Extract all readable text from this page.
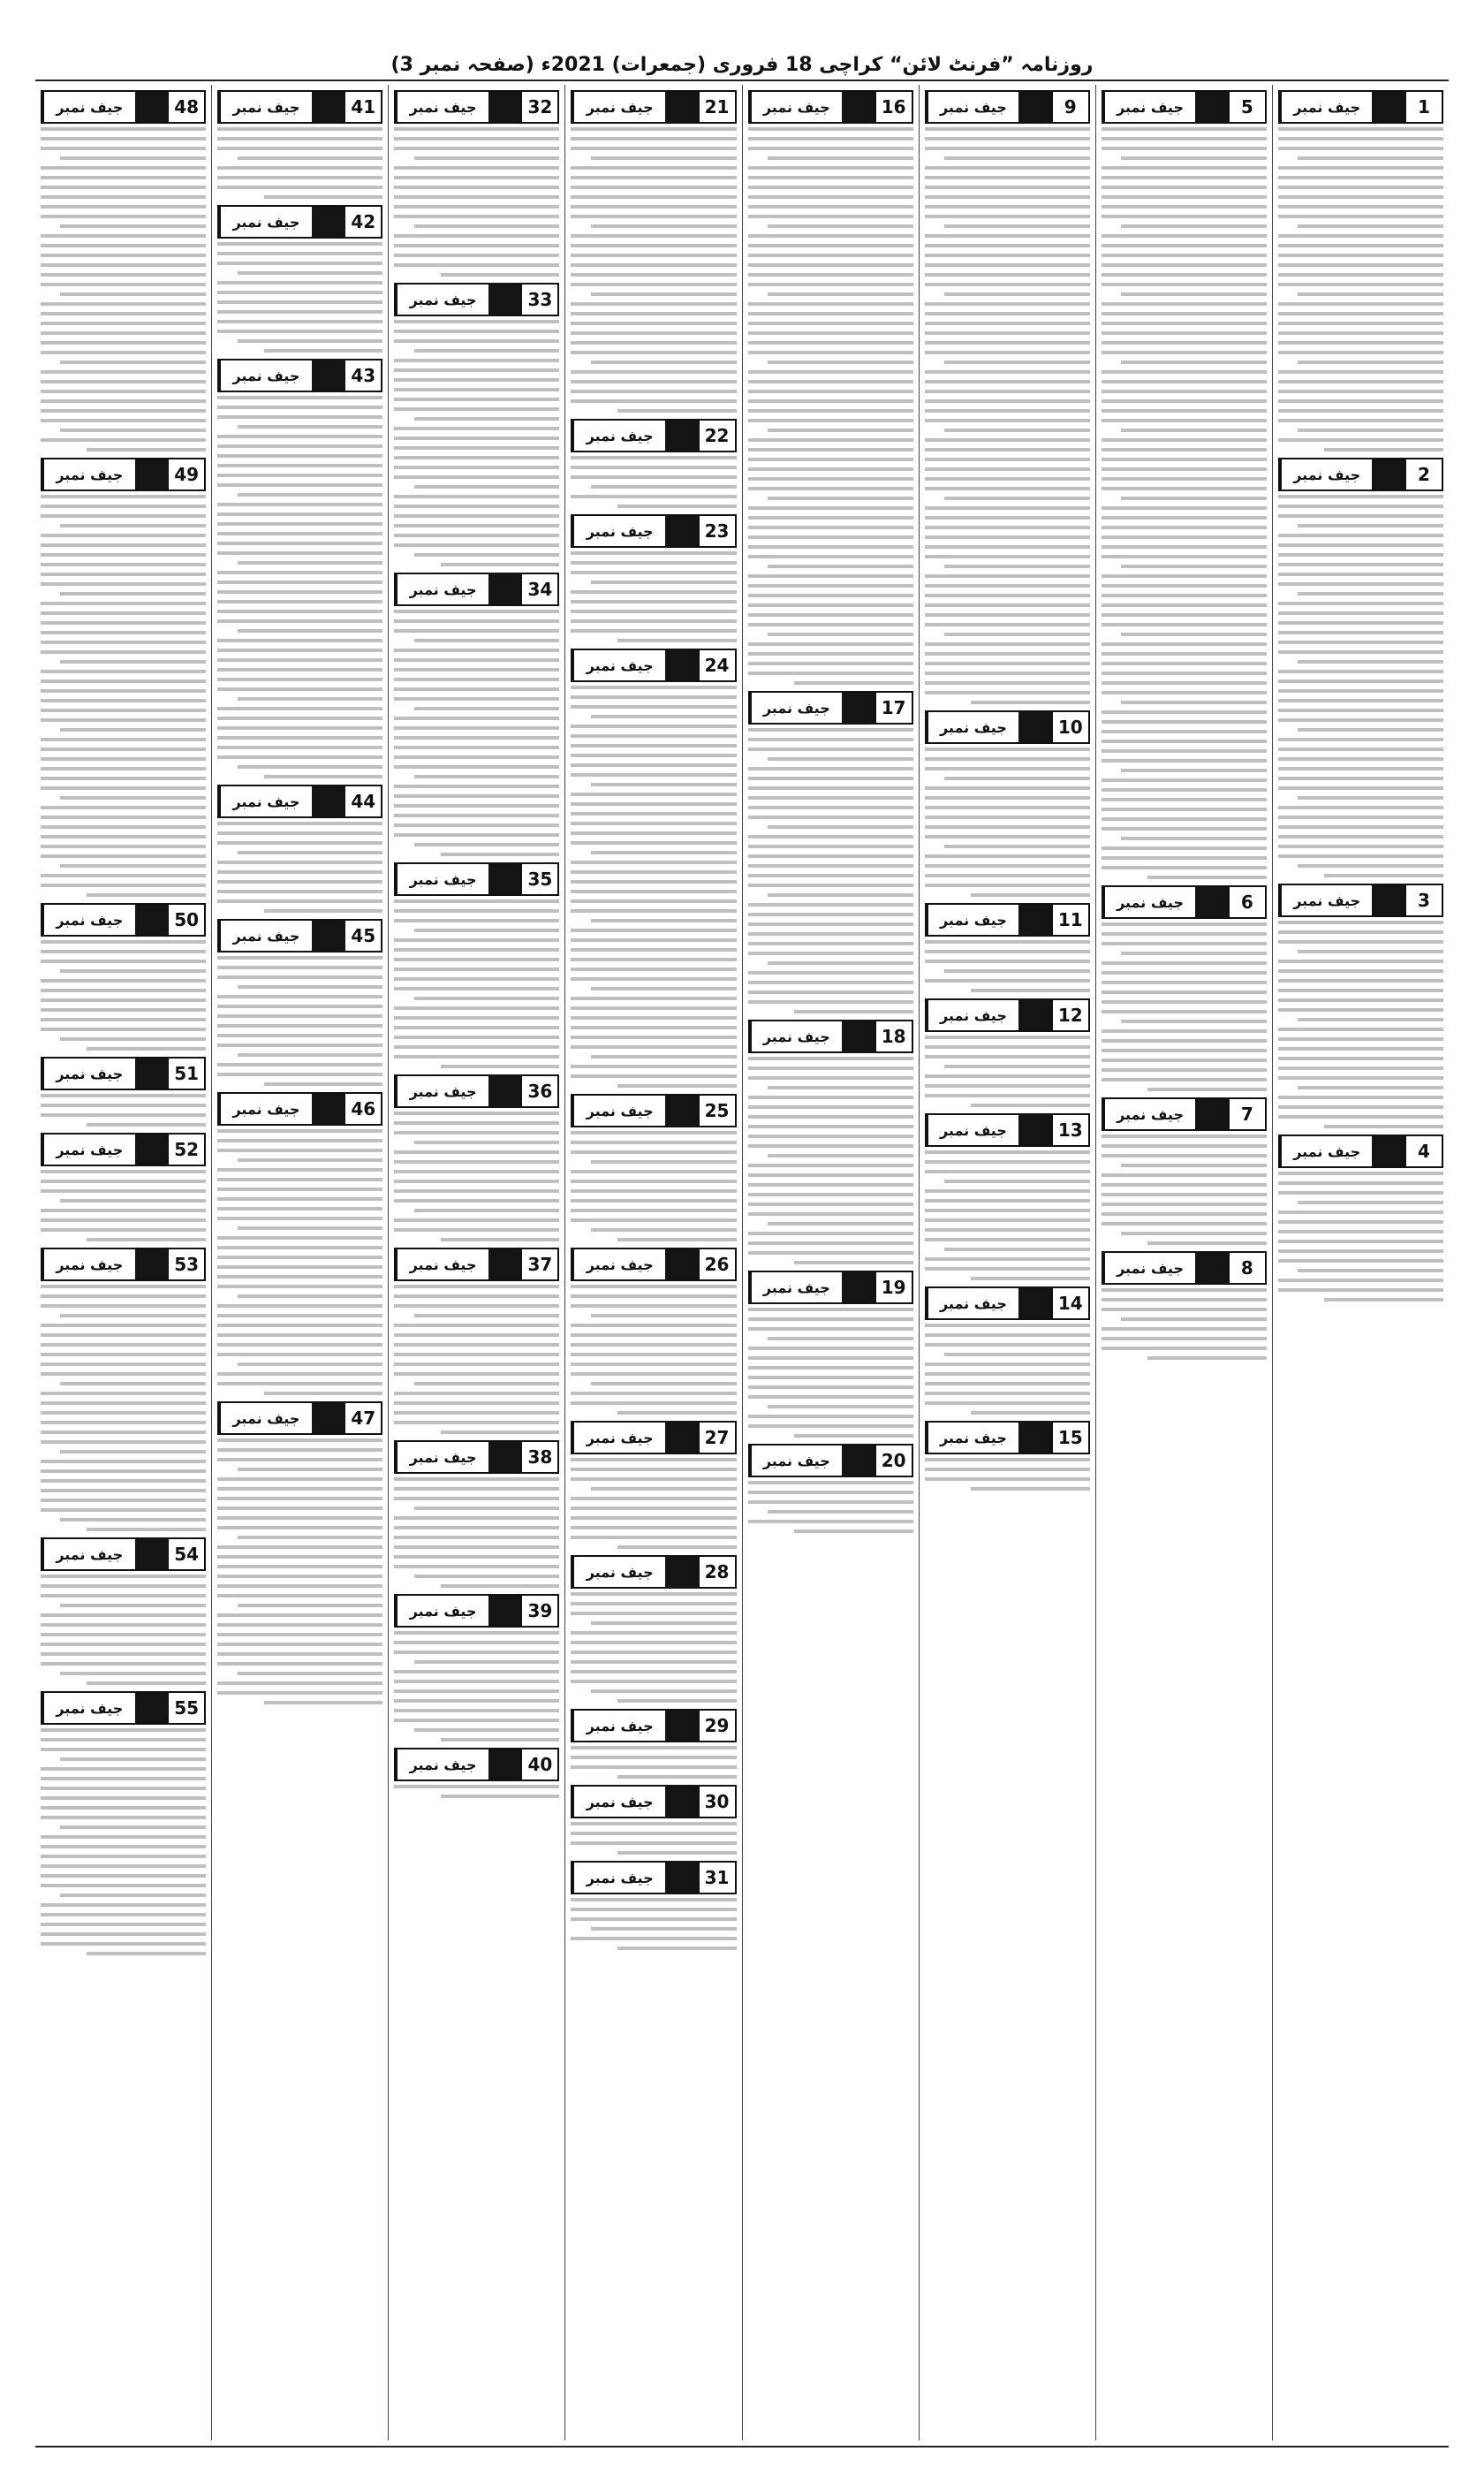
روزنامہ ”فرنٹ لائن“ کراچی 18 فروری (جمعرات) 2021ء (صفحہ نمبر 3)
1
جیف نمبر
2
جیف نمبر
3
جیف نمبر
4
جیف نمبر
5
جیف نمبر
6
جیف نمبر
7
جیف نمبر
8
جیف نمبر
9
جیف نمبر
10
جیف نمبر
11
جیف نمبر
12
جیف نمبر
13
جیف نمبر
14
جیف نمبر
15
جیف نمبر
16
جیف نمبر
17
جیف نمبر
18
جیف نمبر
19
جیف نمبر
20
جیف نمبر
21
جیف نمبر
22
جیف نمبر
23
جیف نمبر
24
جیف نمبر
25
جیف نمبر
26
جیف نمبر
27
جیف نمبر
28
جیف نمبر
29
جیف نمبر
30
جیف نمبر
31
جیف نمبر
32
جیف نمبر
33
جیف نمبر
34
جیف نمبر
35
جیف نمبر
36
جیف نمبر
37
جیف نمبر
38
جیف نمبر
39
جیف نمبر
40
جیف نمبر
41
جیف نمبر
42
جیف نمبر
43
جیف نمبر
44
جیف نمبر
45
جیف نمبر
46
جیف نمبر
47
جیف نمبر
48
جیف نمبر
49
جیف نمبر
50
جیف نمبر
51
جیف نمبر
52
جیف نمبر
53
جیف نمبر
54
جیف نمبر
55
جیف نمبر
